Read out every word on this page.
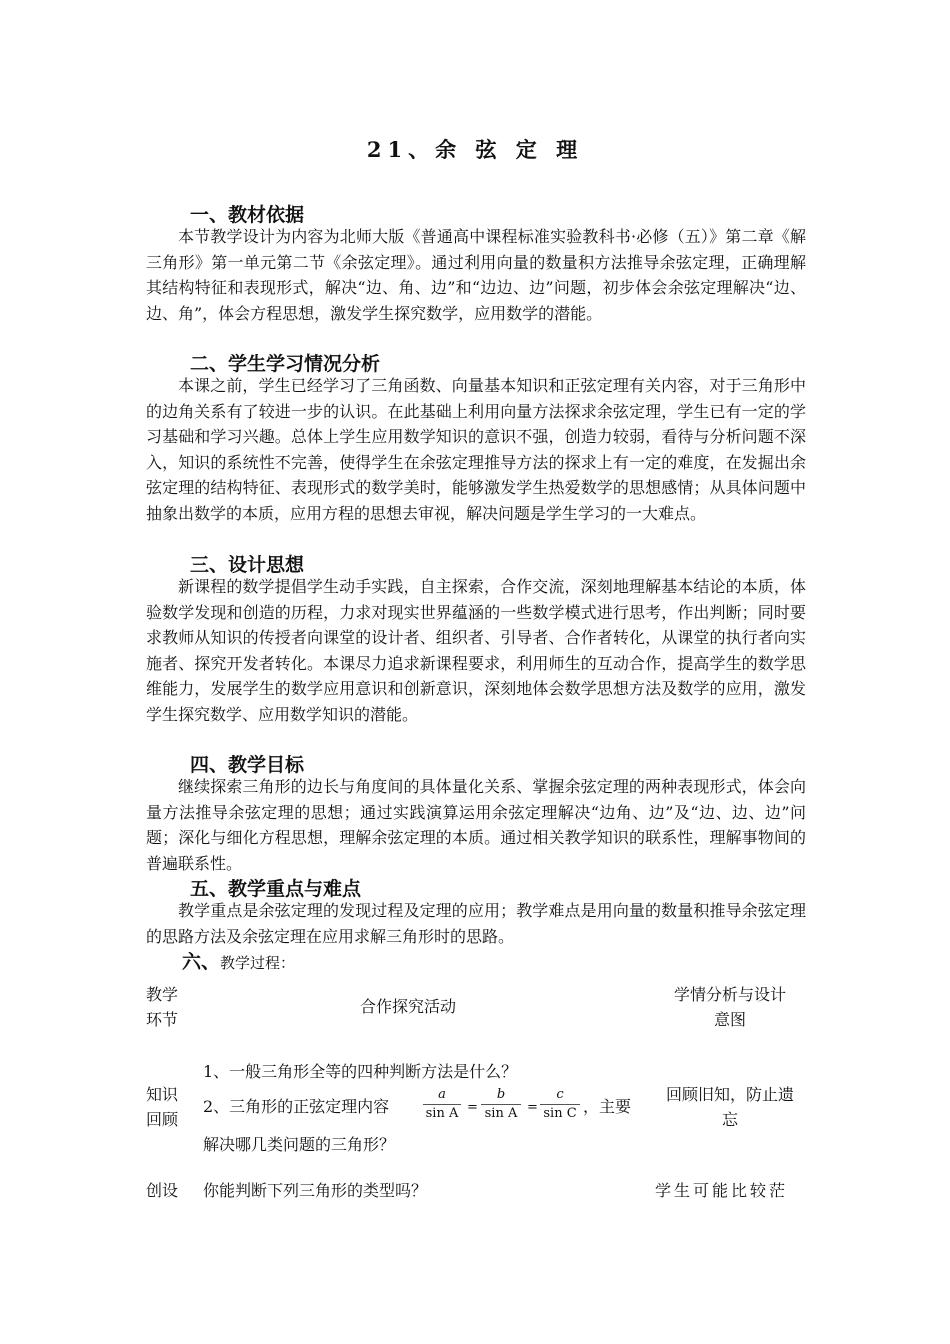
21、余 弦 定 理
一、教材依据

本节教学设计为内容为北师大版《普通高中课程标准实验教科书·必修（五）》第二章《解三角形》第一单元第二节《余弦定理》。通过利用向量的数量积方法推导余弦定理，正确理解其结构特征和表现形式，解决“边、角、边”和“边边、边”问题，初步体会余弦定理解决“边、边、角”，体会方程思想，激发学生探究数学，应用数学的潜能。

二、学生学习情况分析

本课之前，学生已经学习了三角函数、向量基本知识和正弦定理有关内容，对于三角形中的边角关系有了较进一步的认识。在此基础上利用向量方法探求余弦定理，学生已有一定的学习基础和学习兴趣。总体上学生应用数学知识的意识不强，创造力较弱，看待与分析问题不深入，知识的系统性不完善，使得学生在余弦定理推导方法的探求上有一定的难度，在发掘出余弦定理的结构特征、表现形式的数学美时，能够激发学生热爱数学的思想感情；从具体问题中抽象出数学的本质，应用方程的思想去审视，解决问题是学生学习的一大难点。

三、设计思想

新课程的数学提倡学生动手实践，自主探索，合作交流，深刻地理解基本结论的本质，体验数学发现和创造的历程，力求对现实世界蕴涵的一些数学模式进行思考，作出判断；同时要求教师从知识的传授者向课堂的设计者、组织者、引导者、合作者转化，从课堂的执行者向实施者、探究开发者转化。本课尽力追求新课程要求，利用师生的互动合作，提高学生的数学思维能力，发展学生的数学应用意识和创新意识，深刻地体会数学思想方法及数学的应用，激发学生探究数学、应用数学知识的潜能。

四、教学目标

继续探索三角形的边长与角度间的具体量化关系、掌握余弦定理的两种表现形式，体会向量方法推导余弦定理的思想；通过实践演算运用余弦定理解决“边角、边”及“边、边、边”问题；深化与细化方程思想，理解余弦定理的本质。通过相关教学知识的联系性，理解事物间的普遍联系性。

五、教学重点与难点

教学重点是余弦定理的发现过程及定理的应用；教学难点是用向量的数量积推导余弦定理的思路方法及余弦定理在应用求解三角形时的思路。

六、教学过程：
教学
环节
合作探究活动
学情分析与设计
意图
知识
回顾
1、一般三角形全等的四种判断方法是什么？
2、三角形的正弦定理内容
a
sin A =
b
sin A =
c
sin C ，主要
解决哪几类问题的三角形？
回顾旧知，防止遗
忘
创设 你能判断下列三角形的类型吗？	学生可能比较茫
